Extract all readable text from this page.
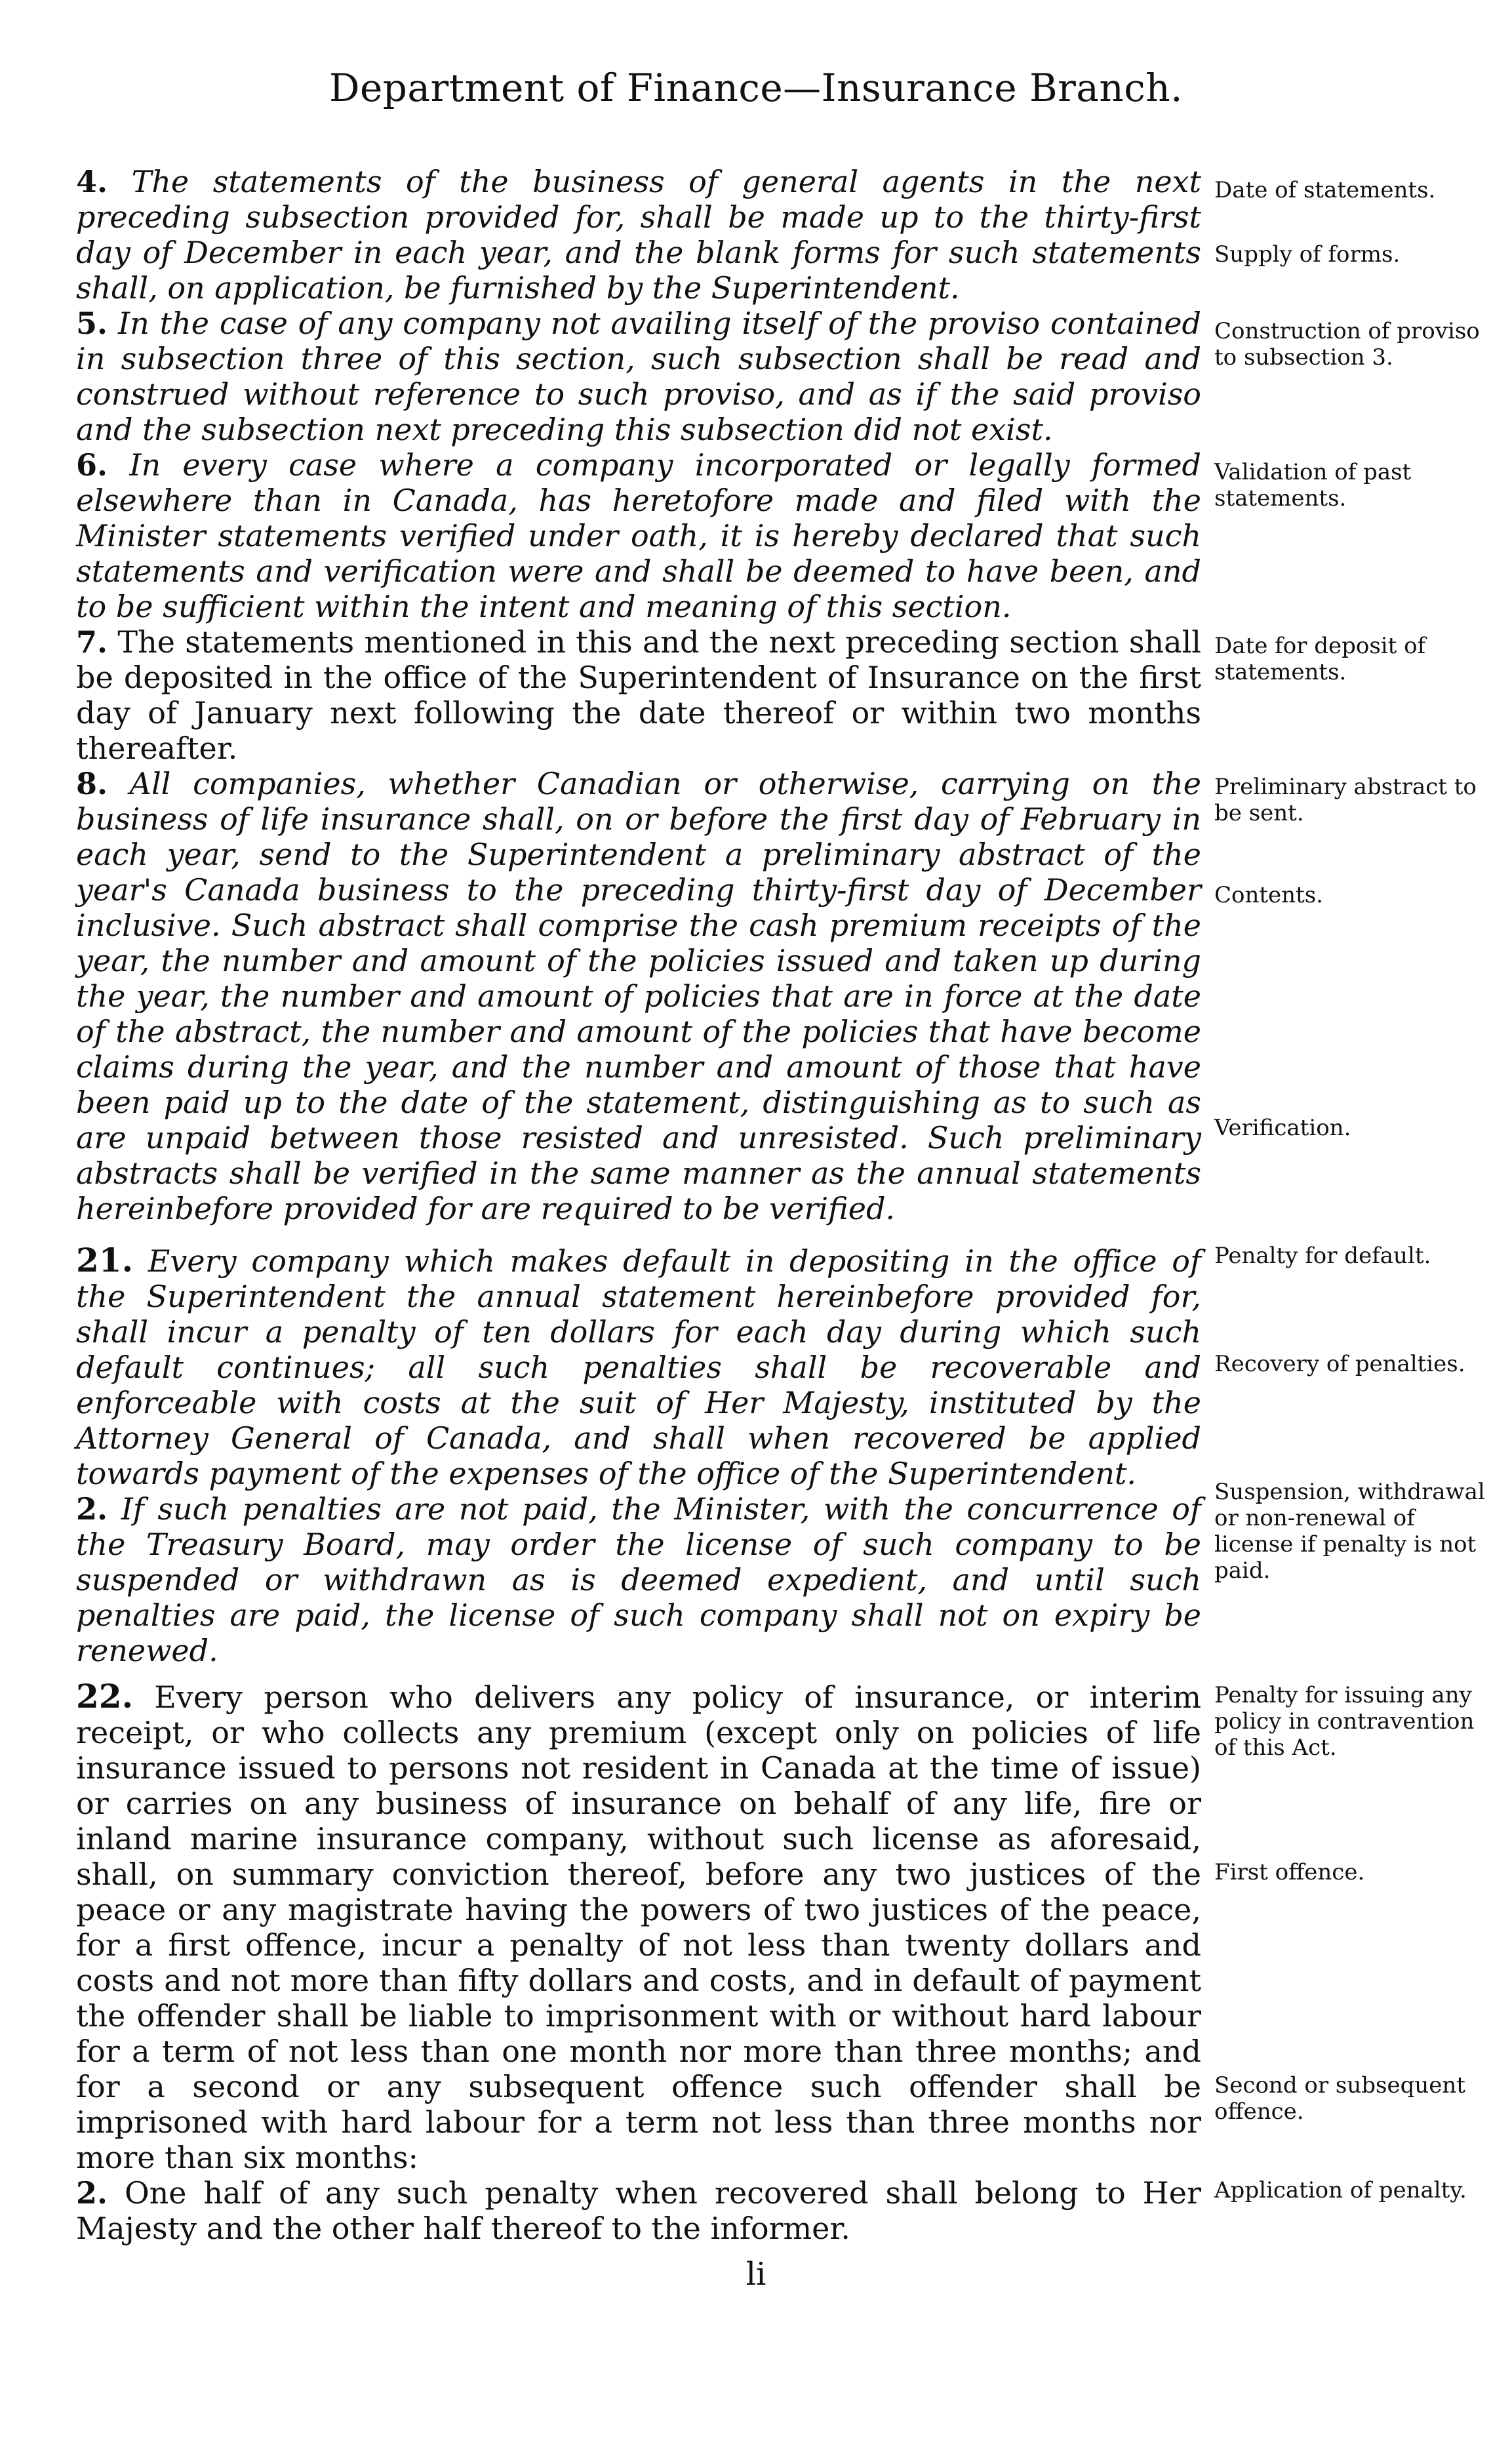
Department of Finance—Insurance Branch.

4. The statements of the business of general agents in the next preceding subsection provided for, shall be made up to the thirty-first day of December in each year, and the blank forms for such statements shall, on application, be furnished by the Superintendent.

5. In the case of any company not availing itself of the proviso contained in subsection three of this section, such subsection shall be read and construed without reference to such proviso, and as if the said proviso and the subsection next preceding this subsection did not exist.

6. In every case where a company incorporated or legally formed elsewhere than in Canada, has heretofore made and filed with the Minister statements verified under oath, it is hereby declared that such statements and verification were and shall be deemed to have been, and to be sufficient within the intent and meaning of this section.

7. The statements mentioned in this and the next preceding section shall be deposited in the office of the Superintendent of Insurance on the first day of January next following the date thereof or within two months thereafter.

8. All companies, whether Canadian or otherwise, carrying on the business of life insurance shall, on or before the first day of February in each year, send to the Superintendent a preliminary abstract of the year's Canada business to the preceding thirty-first day of December inclusive. Such abstract shall comprise the cash premium receipts of the year, the number and amount of the policies issued and taken up during the year, the number and amount of policies that are in force at the date of the abstract, the number and amount of the policies that have become claims during the year, and the number and amount of those that have been paid up to the date of the statement, distinguishing as to such as are unpaid between those resisted and unresisted. Such preliminary abstracts shall be verified in the same manner as the annual statements hereinbefore provided for are required to be verified.

21. Every company which makes default in depositing in the office of the Superintendent the annual statement hereinbefore provided for, shall incur a penalty of ten dollars for each day during which such default continues; all such penalties shall be recoverable and enforceable with costs at the suit of Her Majesty, instituted by the Attorney General of Canada, and shall when recovered be applied towards payment of the expenses of the office of the Superintendent.

2. If such penalties are not paid, the Minister, with the concurrence of the Treasury Board, may order the license of such company to be suspended or withdrawn as is deemed expedient, and until such penalties are paid, the license of such company shall not on expiry be renewed.

22. Every person who delivers any policy of insurance, or interim receipt, or who collects any premium (except only on policies of life insurance issued to persons not resident in Canada at the time of issue) or carries on any business of insurance on behalf of any life, fire or inland marine insurance company, without such license as aforesaid, shall, on summary conviction thereof, before any two justices of the peace or any magistrate having the powers of two justices of the peace, for a first offence, incur a penalty of not less than twenty dollars and costs and not more than fifty dollars and costs, and in default of payment the offender shall be liable to imprisonment with or without hard labour for a term of not less than one month nor more than three months; and for a second or any subsequent offence such offender shall be imprisoned with hard labour for a term not less than three months nor more than six months:

2. One half of any such penalty when recovered shall belong to Her Majesty and the other half thereof to the informer.

Date of statements.
Supply of forms.
Construction of proviso to subsection 3.
Validation of past statements.
Date for deposit of statements.
Preliminary abstract to be sent.
Contents.
Verification.
Penalty for default.
Recovery of penalties.
Suspension, withdrawal or non-renewal of license if penalty is not paid.
Penalty for issuing any policy in contravention of this Act.
First offence.
Second or subsequent offence.
Application of penalty.
li
